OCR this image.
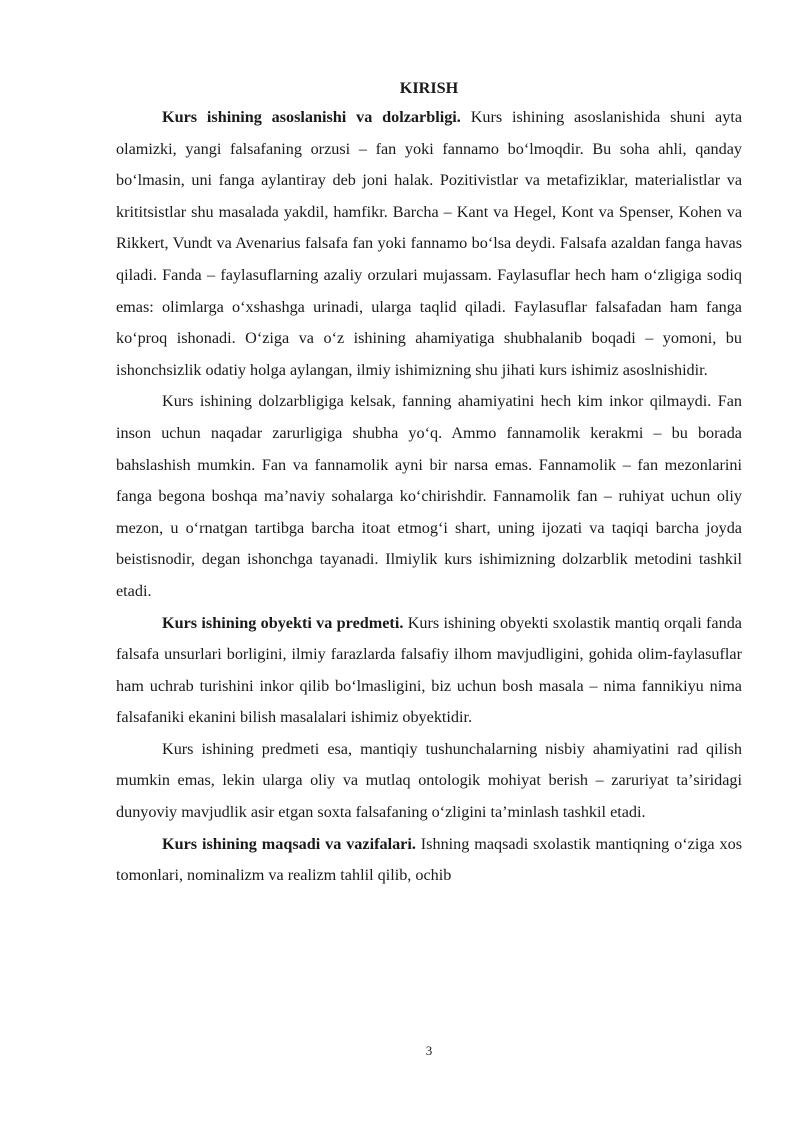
KIRISH

Kurs ishining asoslanishi va dolzarbligi. Kurs ishining asoslanishida shuni ayta olamizki, yangi falsafaning orzusi – fan yoki fannamo boʻlmoqdir. Bu soha ahli, qanday boʻlmasin, uni fanga aylantiray deb joni halak. Pozitivistlar va metafiziklar, materialistlar va krititsistlar shu masalada yakdil, hamfikr. Barcha – Kant va Hegel, Kont va Spenser, Kohen va Rikkert, Vundt va Avenarius falsafa fan yoki fannamo boʻlsa deydi. Falsafa azaldan fanga havas qiladi. Fanda – faylasuflarning azaliy orzulari mujassam. Faylasuflar hech ham oʻzligiga sodiq emas: olimlarga oʻxshashga urinadi, ularga taqlid qiladi. Faylasuflar falsafadan ham fanga koʻproq ishonadi. Oʻziga va oʻz ishining ahamiyatiga shubhalanib boqadi – yomoni, bu ishonchsizlik odatiy holga aylangan, ilmiy ishimizning shu jihati kurs ishimiz asoslnishidir.

Kurs ishining dolzarbligiga kelsak, fanning ahamiyatini hech kim inkor qilmaydi. Fan inson uchun naqadar zarurligiga shubha yoʻq. Ammo fannamolik kerakmi – bu borada bahslashish mumkin. Fan va fannamolik ayni bir narsa emas. Fannamolik – fan mezonlarini fanga begona boshqa maʼnaviy sohalarga koʻchirishdir. Fannamolik fan – ruhiyat uchun oliy mezon, u oʻrnatgan tartibga barcha itoat etmogʻi shart, uning ijozati va taqiqi barcha joyda beistisnodir, degan ishonchga tayanadi. Ilmiylik kurs ishimizning dolzarblik metodini tashkil etadi.

Kurs ishining obyekti va predmeti. Kurs ishining obyekti sxolastik mantiq orqali fanda falsafa unsurlari borligini, ilmiy farazlarda falsafiy ilhom mavjudligini, gohida olim-faylasuflar ham uchrab turishini inkor qilib boʻlmasligini, biz uchun bosh masala – nima fannikiyu nima falsafaniki ekanini bilish masalalari ishimiz obyektidir.

Kurs ishining predmeti esa, mantiqiy tushunchalarning nisbiy ahamiyatini rad qilish mumkin emas, lekin ularga oliy va mutlaq ontologik mohiyat berish – zaruriyat taʼsiridagi dunyoviy mavjudlik asir etgan soxta falsafaning oʻzligini taʼminlash tashkil etadi.

Kurs ishining maqsadi va vazifalari. Ishning maqsadi sxolastik mantiqning oʻziga xos tomonlari, nominalizm va realizm tahlil qilib, ochib

3
